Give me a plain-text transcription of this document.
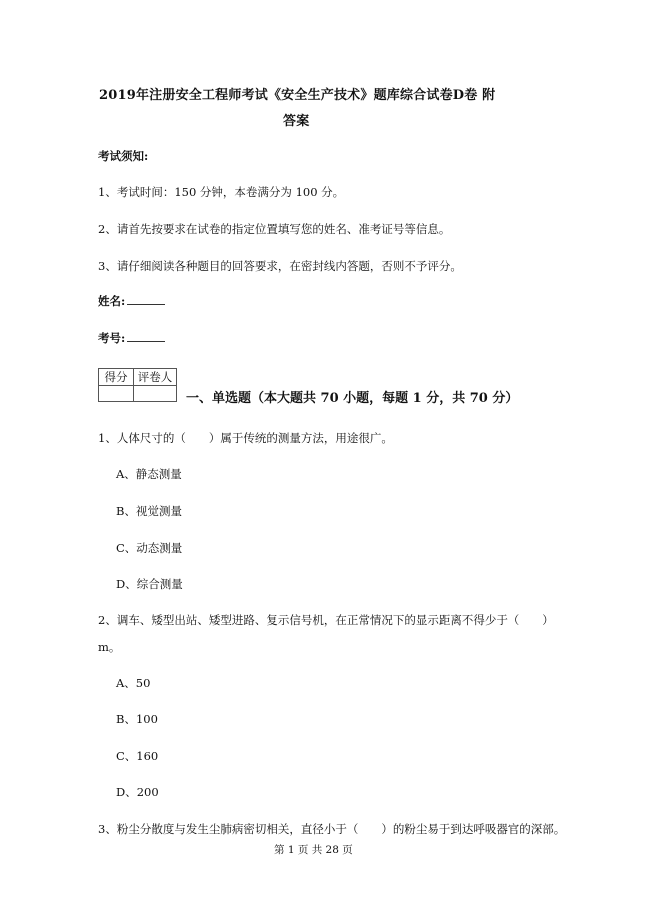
2019年注册安全工程师考试《安全生产技术》题库综合试卷D卷 附
答案
考试须知:
1、考试时间：150 分钟，本卷满分为 100 分。
2、请首先按要求在试卷的指定位置填写您的姓名、准考证号等信息。
3、请仔细阅读各种题目的回答要求，在密封线内答题，否则不予评分。
姓名:
考号:
得分	评卷人

一、单选题（本大题共 70 小题，每题 1 分，共 70 分）
1、人体尺寸的（　　）属于传统的测量方法，用途很广。
A、静态测量
B、视觉测量
C、动态测量
D、综合测量
2、调车、矮型出站、矮型进路、复示信号机，在正常情况下的显示距离不得少于（　　）
m。
A、50
B、100
C、160
D、200
3、粉尘分散度与发生尘肺病密切相关，直径小于（　　）的粉尘易于到达呼吸器官的深部。
第 1 页 共 28 页
